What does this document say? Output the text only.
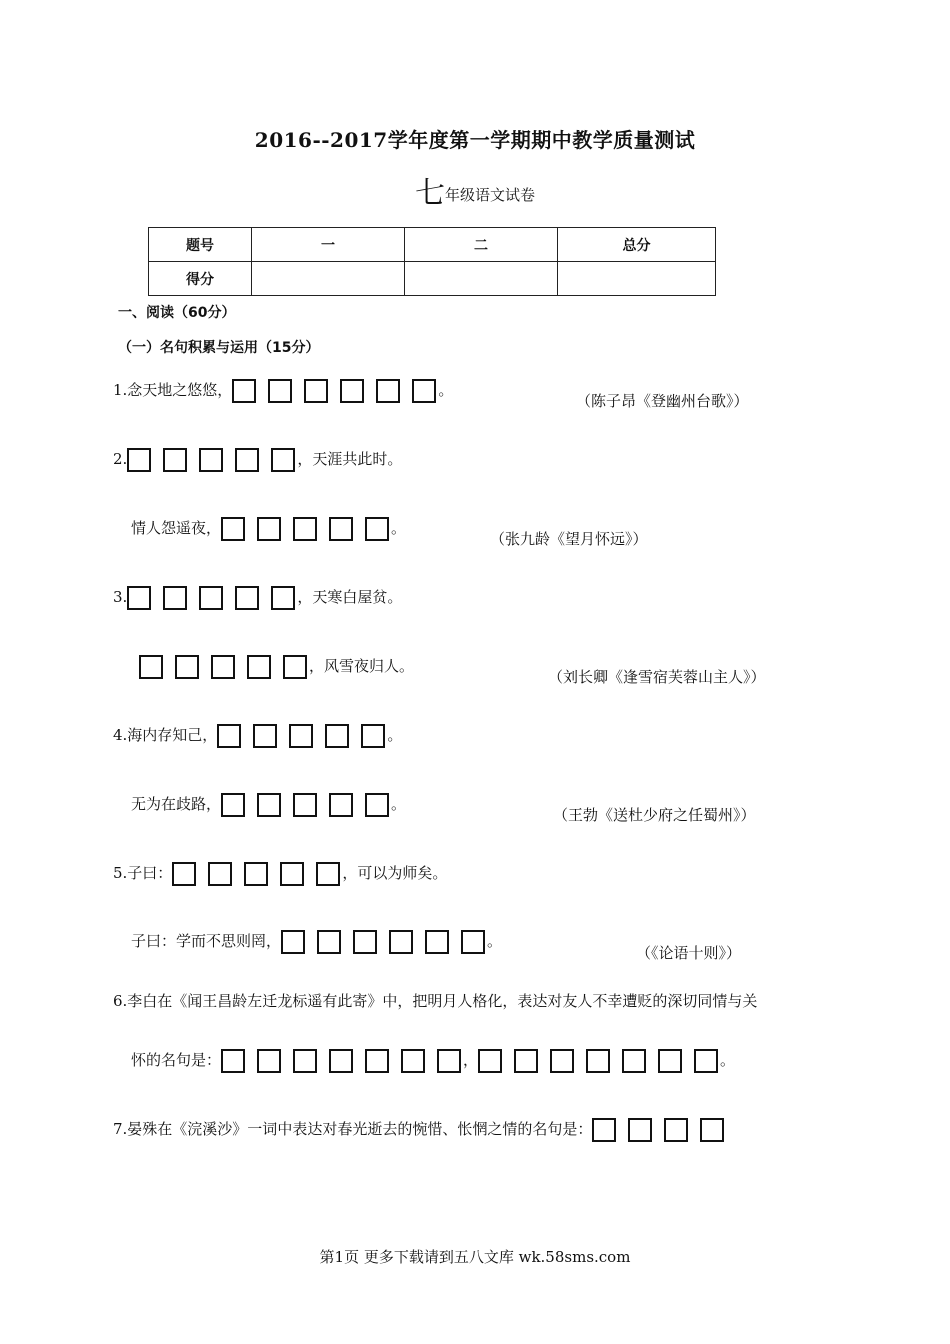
2016--2017学年度第一学期期中教学质量测试
七年级语文试卷
题号	一	二	总分
得分			
一、阅读（60分）
（一）名句积累与运用（15分）
1.念天地之悠悠，	。
（陈子昂《登幽州台歌》）
2.	，天涯共此时。
情人怨遥夜，	。
（张九龄《望月怀远》）
3.	，天寒白屋贫。
，风雪夜归人。
（刘长卿《逢雪宿芙蓉山主人》）
4.海内存知己，	。
无为在歧路，	。
（王勃《送杜少府之任蜀州》）
5.子曰：	，可以为师矣。
子曰：学而不思则罔，	。
（《论语十则》）
6.李白在《闻王昌龄左迁龙标遥有此寄》中，把明月人格化，表达对友人不幸遭贬的深切同情与关
怀的名句是：	，	。
7.晏殊在《浣溪沙》一词中表达对春光逝去的惋惜、怅惘之情的名句是：
第1页 更多下载请到五八文库 wk.58sms.com
